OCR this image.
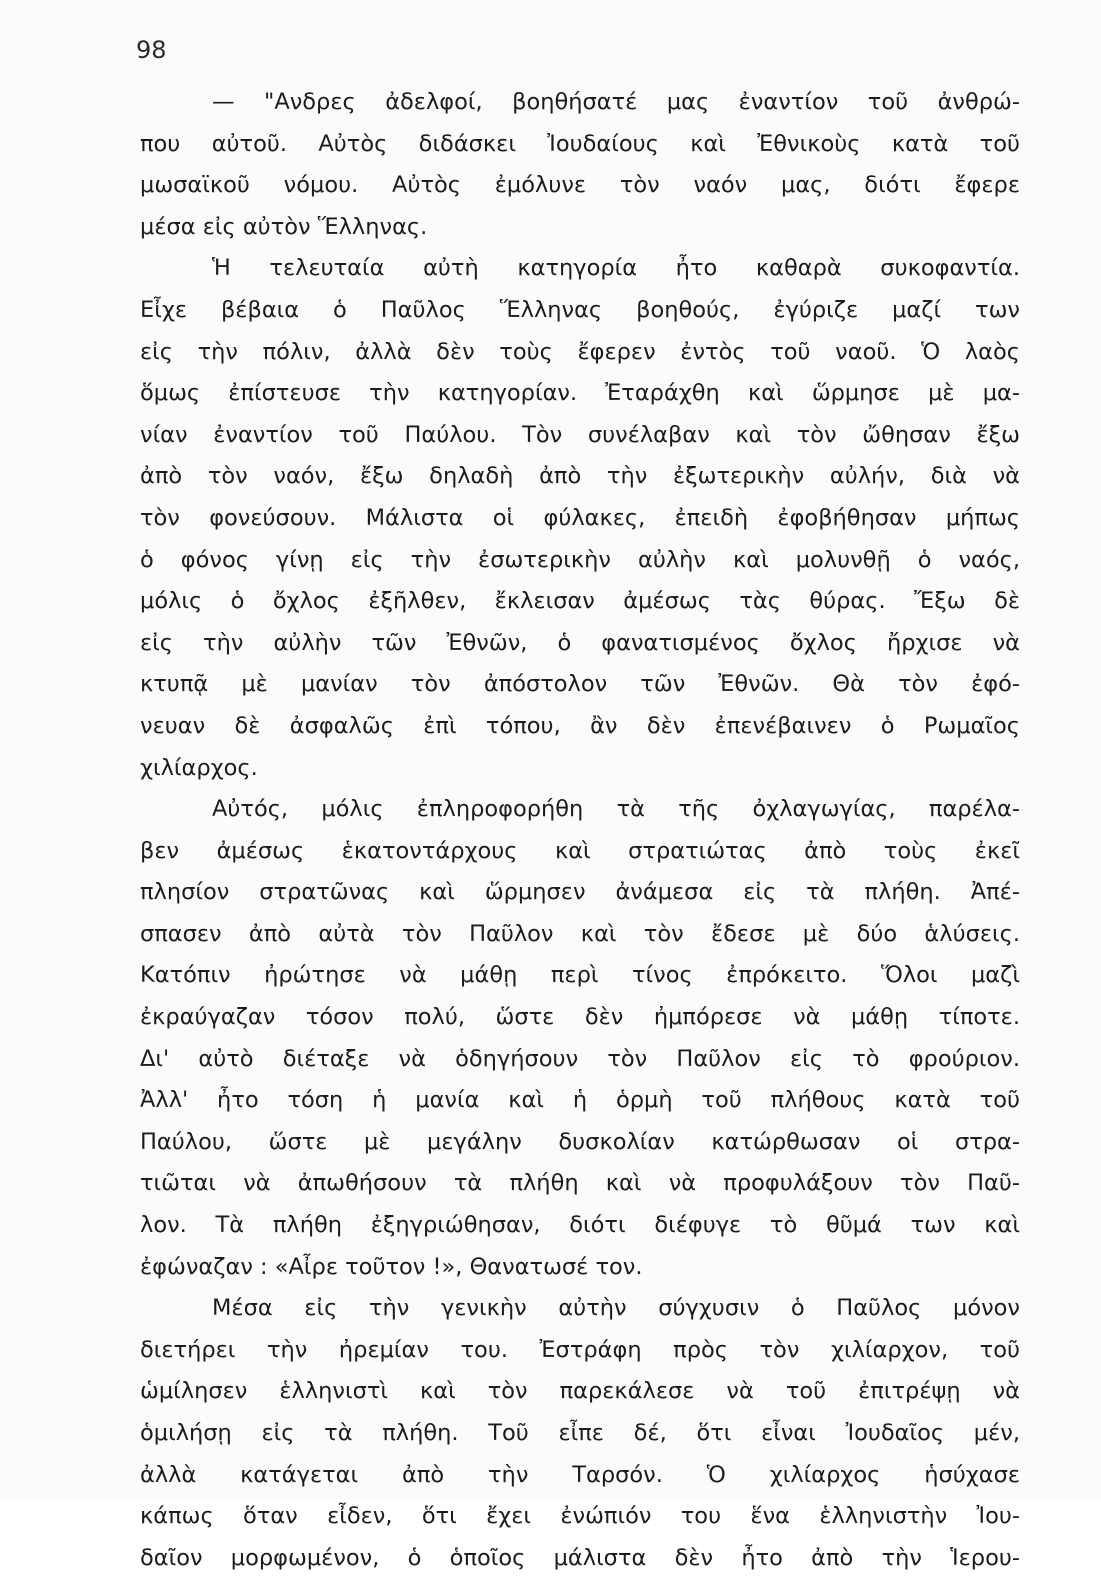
98
— "Ανδρες ἀδελφοί, βοηθήσατέ μας ἐναντίον τοῦ ἀνθρώ-
που αὐτοῦ. Αὐτὸς διδάσκει Ἰουδαίους καὶ Ἐθνικοὺς κατὰ τοῦ
μωσαϊκοῦ νόμου. Αὐτὸς ἐμόλυνε τὸν ναόν μας, διότι ἔφερε
μέσα εἰς αὐτὸν Ἕλληνας.
Ἡ τελευταία αὐτὴ κατηγορία ἦτο καθαρὰ συκοφαντία.
Εἶχε βέβαια ὁ Παῦλος Ἕλληνας βοηθούς, ἐγύριζε μαζί των
εἰς τὴν πόλιν, ἀλλὰ δὲν τοὺς ἔφερεν ἐντὸς τοῦ ναοῦ. Ὁ λαὸς
ὅμως ἐπίστευσε τὴν κατηγορίαν. Ἐταράχθη καὶ ὥρμησε μὲ μα-
νίαν ἐναντίον τοῦ Παύλου. Τὸν συνέλαβαν καὶ τὸν ὤθησαν ἔξω
ἀπὸ τὸν ναόν, ἔξω δηλαδὴ ἀπὸ τὴν ἐξωτερικὴν αὐλήν, διὰ νὰ
τὸν φονεύσουν. Μάλιστα οἱ φύλακες, ἐπειδὴ ἐφοβήθησαν μήπως
ὁ φόνος γίνῃ εἰς τὴν ἐσωτερικὴν αὐλὴν καὶ μολυνθῇ ὁ ναός,
μόλις ὁ ὄχλος ἐξῆλθεν, ἔκλεισαν ἀμέσως τὰς θύρας. Ἔξω δὲ
εἰς τὴν αὐλὴν τῶν Ἐθνῶν, ὁ φανατισμένος ὄχλος ἤρχισε νὰ
κτυπᾷ μὲ μανίαν τὸν ἀπόστολον τῶν Ἐθνῶν. Θὰ τὸν ἐφό-
νευαν δὲ ἀσφαλῶς ἐπὶ τόπου, ἂν δὲν ἐπενέβαινεν ὁ Ρωμαῖος
χιλίαρχος.
Αὐτός, μόλις ἐπληροφορήθη τὰ τῆς ὀχλαγωγίας, παρέλα-
βεν ἀμέσως ἑκατοντάρχους καὶ στρατιώτας ἀπὸ τοὺς ἐκεῖ
πλησίον στρατῶνας καὶ ὥρμησεν ἀνάμεσα εἰς τὰ πλήθη. Ἀπέ-
σπασεν ἀπὸ αὐτὰ τὸν Παῦλον καὶ τὸν ἔδεσε μὲ δύο ἁλύσεις.
Κατόπιν ἠρώτησε νὰ μάθῃ περὶ τίνος ἐπρόκειτο. Ὅλοι μαζὶ
ἐκραύγαζαν τόσον πολύ, ὥστε δὲν ἠμπόρεσε νὰ μάθῃ τίποτε.
Δι' αὐτὸ διέταξε νὰ ὁδηγήσουν τὸν Παῦλον εἰς τὸ φρούριον.
Ἀλλ' ἦτο τόση ἡ μανία καὶ ἡ ὁρμὴ τοῦ πλήθους κατὰ τοῦ
Παύλου, ὥστε μὲ μεγάλην δυσκολίαν κατώρθωσαν οἱ στρα-
τιῶται νὰ ἀπωθήσουν τὰ πλήθη καὶ νὰ προφυλάξουν τὸν Παῦ-
λον. Τὰ πλήθη ἐξηγριώθησαν, διότι διέφυγε τὸ θῦμά των καὶ
ἐφώναζαν : «Αἶρε τοῦτον !», Θανατωσέ τον.
Μέσα εἰς τὴν γενικὴν αὐτὴν σύγχυσιν ὁ Παῦλος μόνον
διετήρει τὴν ἠρεμίαν του. Ἐστράφη πρὸς τὸν χιλίαρχον, τοῦ
ὡμίλησεν ἑλληνιστὶ καὶ τὸν παρεκάλεσε νὰ τοῦ ἐπιτρέψῃ νὰ
ὁμιλήσῃ εἰς τὰ πλήθη. Τοῦ εἶπε δέ, ὅτι εἶναι Ἰουδαῖος μέν,
ἀλλὰ κατάγεται ἀπὸ τὴν Ταρσόν. Ὁ χιλίαρχος ἡσύχασε
κάπως ὅταν εἶδεν, ὅτι ἔχει ἐνώπιόν του ἕνα ἑλληνιστὴν Ἰου-
δαῖον μορφωμένον, ὁ ὁποῖος μάλιστα δὲν ἦτο ἀπὸ τὴν Ἱερου-
